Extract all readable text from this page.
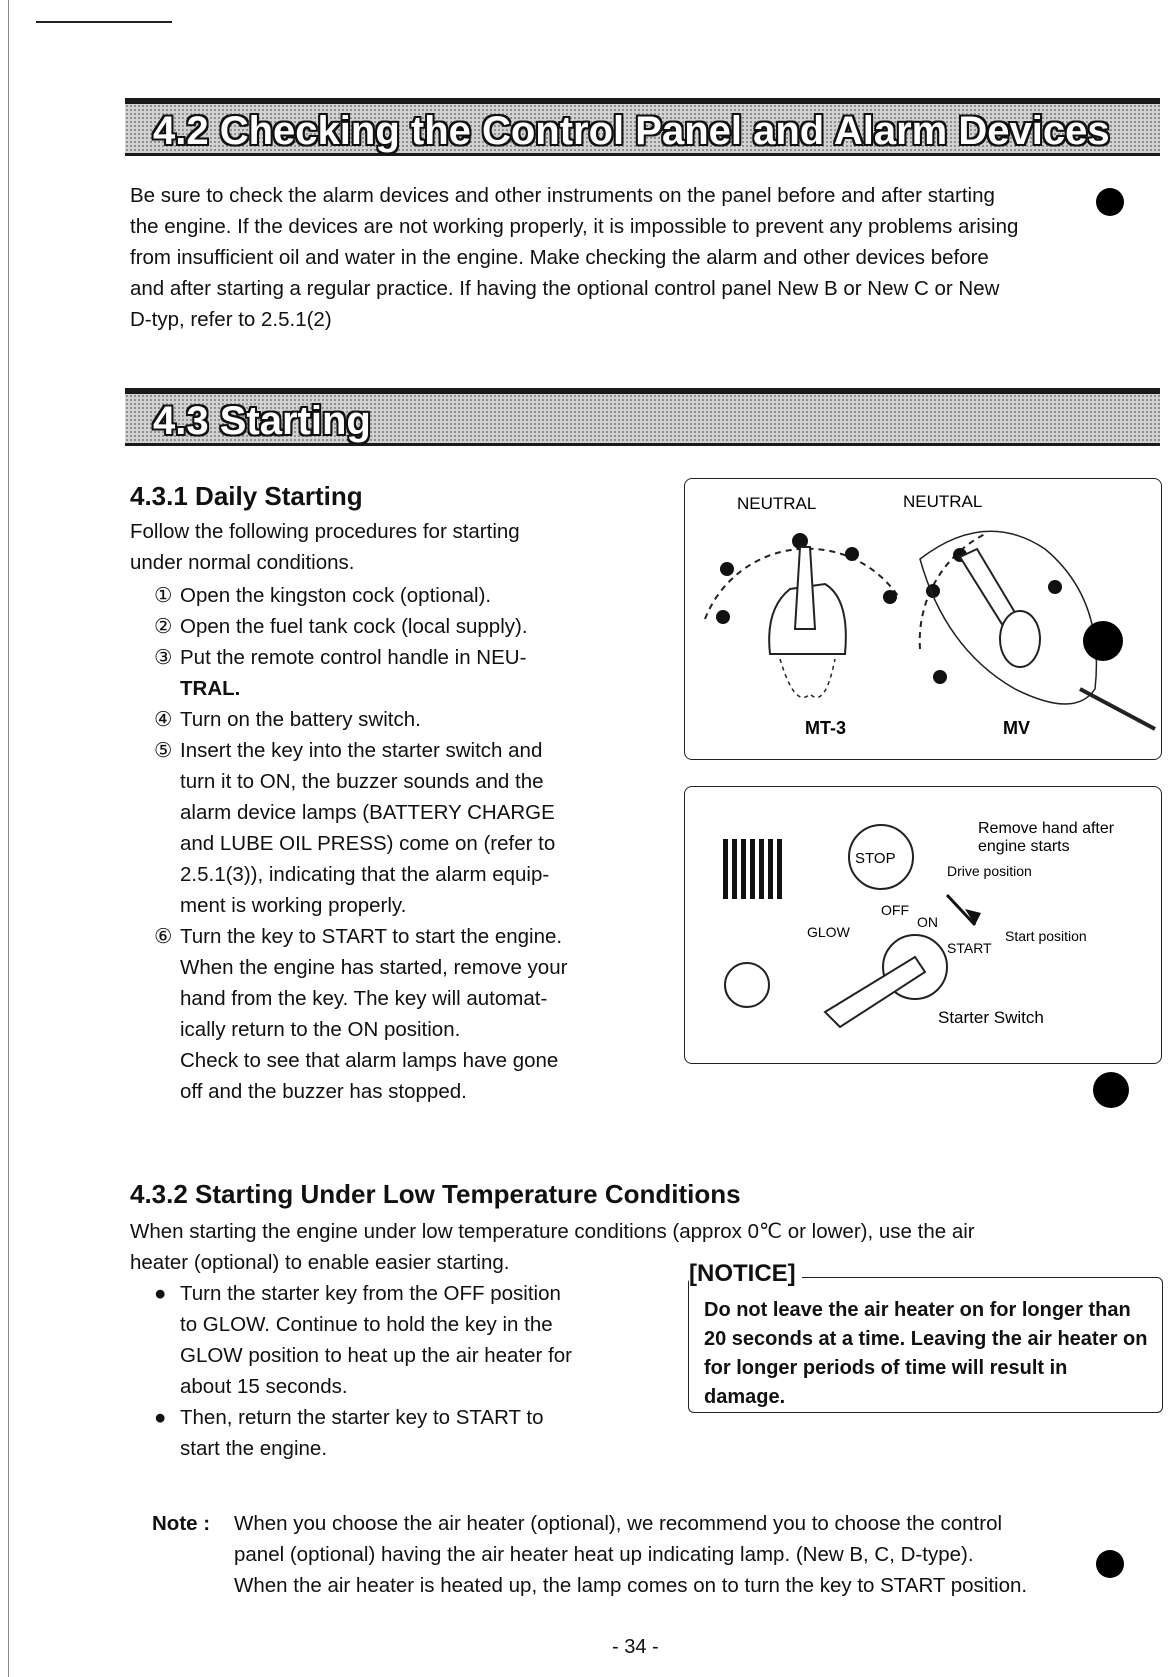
4.2 Checking the Control Panel and Alarm Devices
Be sure to check the alarm devices and other instruments on the panel before and after starting
the engine. If the devices are not working properly, it is impossible to prevent any problems arising
from insufficient oil and water in the engine. Make checking the alarm and other devices before
and after starting a regular practice. If having the optional control panel New B or New C or New
D-typ, refer to 2.5.1(2)
4.3 Starting
4.3.1 Daily Starting
Follow the following procedures for starting
under normal conditions.
① Open the kingston cock (optional).
② Open the fuel tank cock (local supply).
③ Put the remote control handle in NEU-
TRAL.
④ Turn on the battery switch.
⑤ Insert the key into the starter switch and
turn it to ON, the buzzer sounds and the
alarm device lamps (BATTERY CHARGE
and LUBE OIL PRESS) come on (refer to
2.5.1(3)), indicating that the alarm equip-
ment is working properly.
⑥ Turn the key to START to start the engine.
When the engine has started, remove your
hand from the key. The key will automat-
ically return to the ON position.
Check to see that alarm lamps have gone
off and the buzzer has stopped.
NEUTRAL	NEUTRAL
MT-3	MV
STOP
Remove hand after
engine starts
Drive position
OFF
ON
GLOW
START
Start position
Starter Switch
4.3.2 Starting Under Low Temperature Conditions
When starting the engine under low temperature conditions (approx 0℃ or lower), use the air
heater (optional) to enable easier starting.
● Turn the starter key from the OFF position
to GLOW. Continue to hold the key in the
GLOW position to heat up the air heater for
about 15 seconds.
● Then, return the starter key to START to
start the engine.
[NOTICE]
Do not leave the air heater on for longer than 20 seconds at a time. Leaving the air heater on for longer periods of time will result in damage.
Note :	When you choose the air heater (optional), we recommend you to choose the control
panel (optional) having the air heater heat up indicating lamp. (New B, C, D-type).
When the air heater is heated up, the lamp comes on to turn the key to START position.
- 34 -
